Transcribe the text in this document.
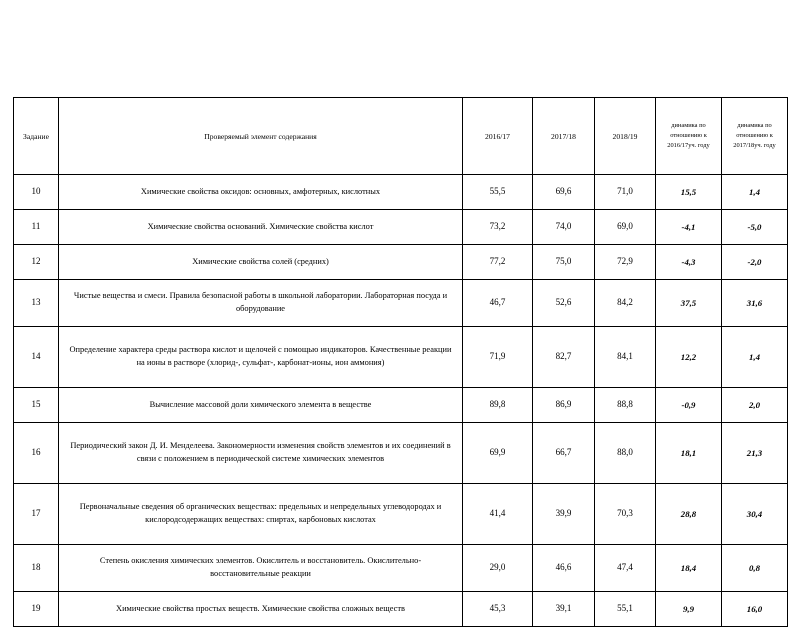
Задание	Проверяемый элемент содержания	2016/17	2017/18	2018/19	динамика по отношению к 2016/17уч. году	динамика по отношению к 2017/18уч. году
10	Химические свойства оксидов: основных, амфотерных, кислотных	55,5	69,6	71,0	15,5	1,4
11	Химические свойства оснований. Химические свойства кислот	73,2	74,0	69,0	-4,1	-5,0
12	Химические свойства солей (средних)	77,2	75,0	72,9	-4,3	-2,0
13	Чистые вещества и смеси. Правила безопасной работы в школьной лаборатории. Лабораторная посуда и оборудование	46,7	52,6	84,2	37,5	31,6
14	Определение характера среды раствора кислот и щелочей с помощью индикаторов. Качественные реакции на ионы в растворе (хлорид-, сульфат-, карбонат-ионы, ион аммония)	71,9	82,7	84,1	12,2	1,4
15	Вычисление массовой доли химического элемента в веществе	89,8	86,9	88,8	-0,9	2,0
16	Периодический закон Д. И. Менделеева. Закономерности изменения свойств элементов и их соединений в связи с положением в периодической системе химических элементов	69,9	66,7	88,0	18,1	21,3
17	Первоначальные сведения об органических веществах: предельных и непредельных углеводородах и кислородсодержащих веществах: спиртах, карбоновых кислотах	41,4	39,9	70,3	28,8	30,4
18	Степень окисления химических элементов. Окислитель и восстановитель. Окислительно-восстановительные реакции	29,0	46,6	47,4	18,4	0,8
19	Химические свойства простых веществ. Химические свойства сложных веществ	45,3	39,1	55,1	9,9	16,0
